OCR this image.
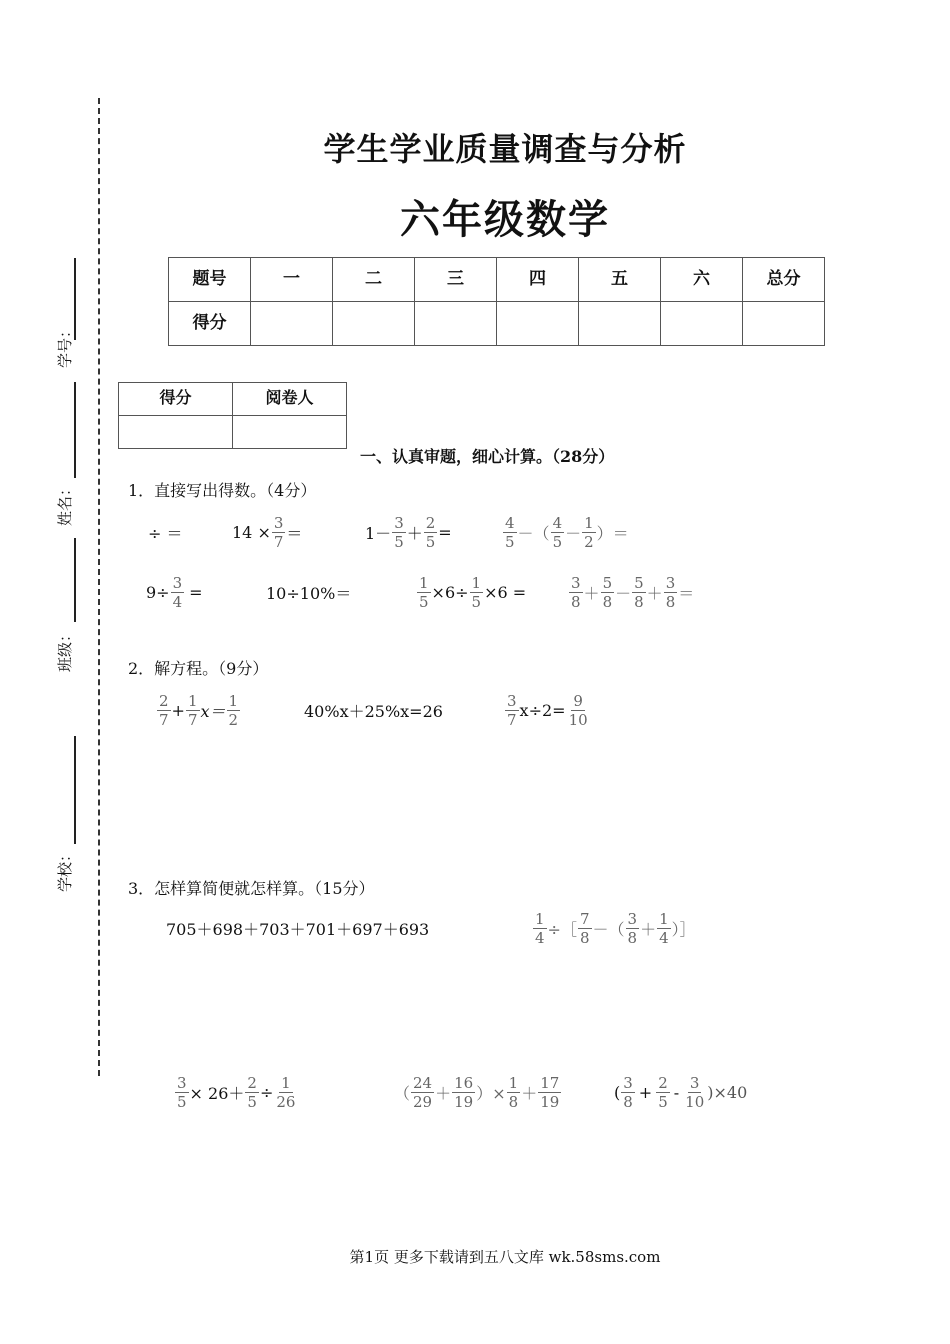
学号：
姓名：
班级：
学校：
学生学业质量调查与分析
六年级数学
题号	一	二	三	四	五	六	总分
得分							
得分	阅卷人

一、认真审题，细心计算。（28分）
1．直接写出得数。（4分）
÷ ＝	$14 \times \frac{3}{7}$ ＝	$1- \frac{3}{5} + \frac{2}{5}$ =	$\frac{4}{5}$ －（ $\frac{4}{5} - \frac{1}{2}$ ）＝
$9\div \frac{3}{4}$ =	10÷10%＝	$\frac{1}{5} \times 6\div \frac{1}{5} \times 6$ =	$\frac{3}{8} + \frac{5}{8} - \frac{5}{8} + \frac{3}{8}$ ＝
2．解方程。（9分）
$\frac{2}{7} + \frac{1}{7} x= \frac{1}{2}$	40%x＋25%x=26	$\frac{3}{7} x\div 2= \frac{9}{10}$
3．怎样算简便就怎样算。（15分）
705＋698＋703＋701＋697＋693	$\frac{1}{4}$ ÷［ $\frac{7}{8}$ －（ $\frac{3}{8} + \frac{1}{4}$ ）］
$\frac{3}{5} \times 26+ \frac{2}{5} \div \frac{1}{26}$	（ $\frac{24}{29} + \frac{16}{19}$ ）× $\frac{1}{8} + \frac{17}{19}$	( $\frac{3}{8} + \frac{2}{5} - \frac{3}{10} )\times 40$
第1页 更多下载请到五八文库 wk.58sms.com
